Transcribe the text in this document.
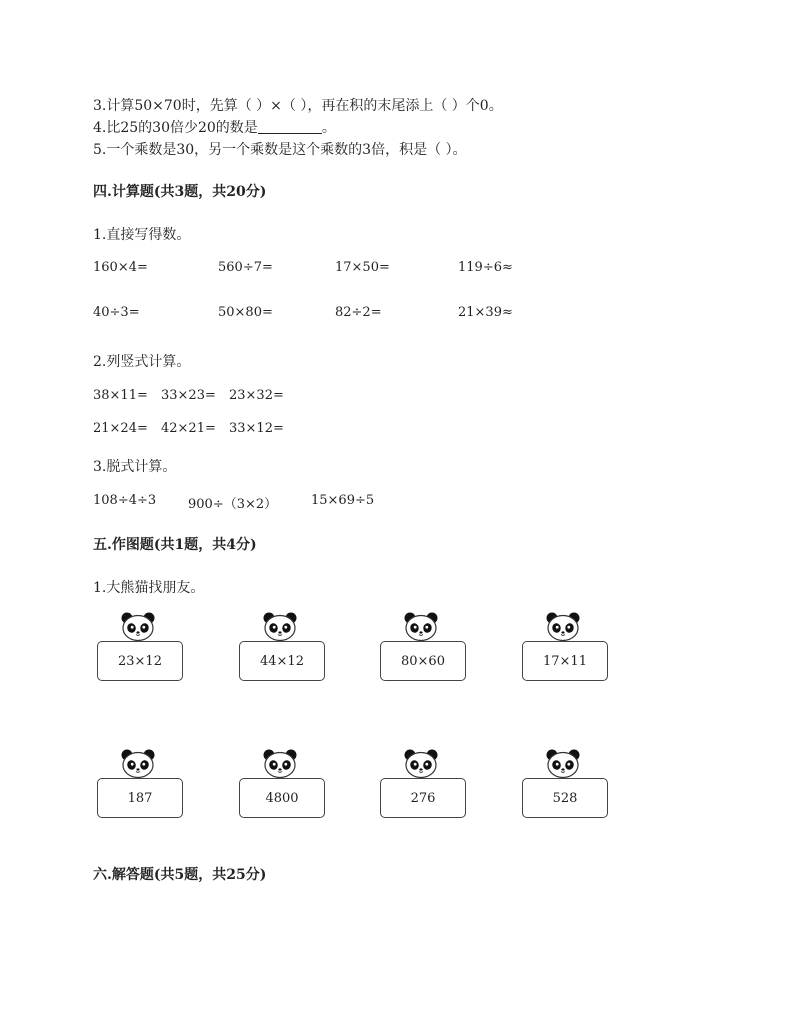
3.计算50×70时，先算（ ）×（ ），再在积的末尾添上（ ）个0。
4.比25的30倍少20的数是	。
5.一个乘数是30，另一个乘数是这个乘数的3倍，积是（ ）。
四.计算题(共3题，共20分)
1.直接写得数。
160×4=	560÷7=	17×50=	119÷6≈
40÷3=	50×80=	82÷2=	21×39≈
2.列竖式计算。
38×11= 33×23= 23×32=
21×24= 42×21= 33×12=
3.脱式计算。
108÷4÷3 900÷（3×2）	15×69÷5
五.作图题(共1题，共4分)
1.大熊猫找朋友。
23×12	44×12	80×60	17×11
187	4800	276	528
六.解答题(共5题，共25分)
